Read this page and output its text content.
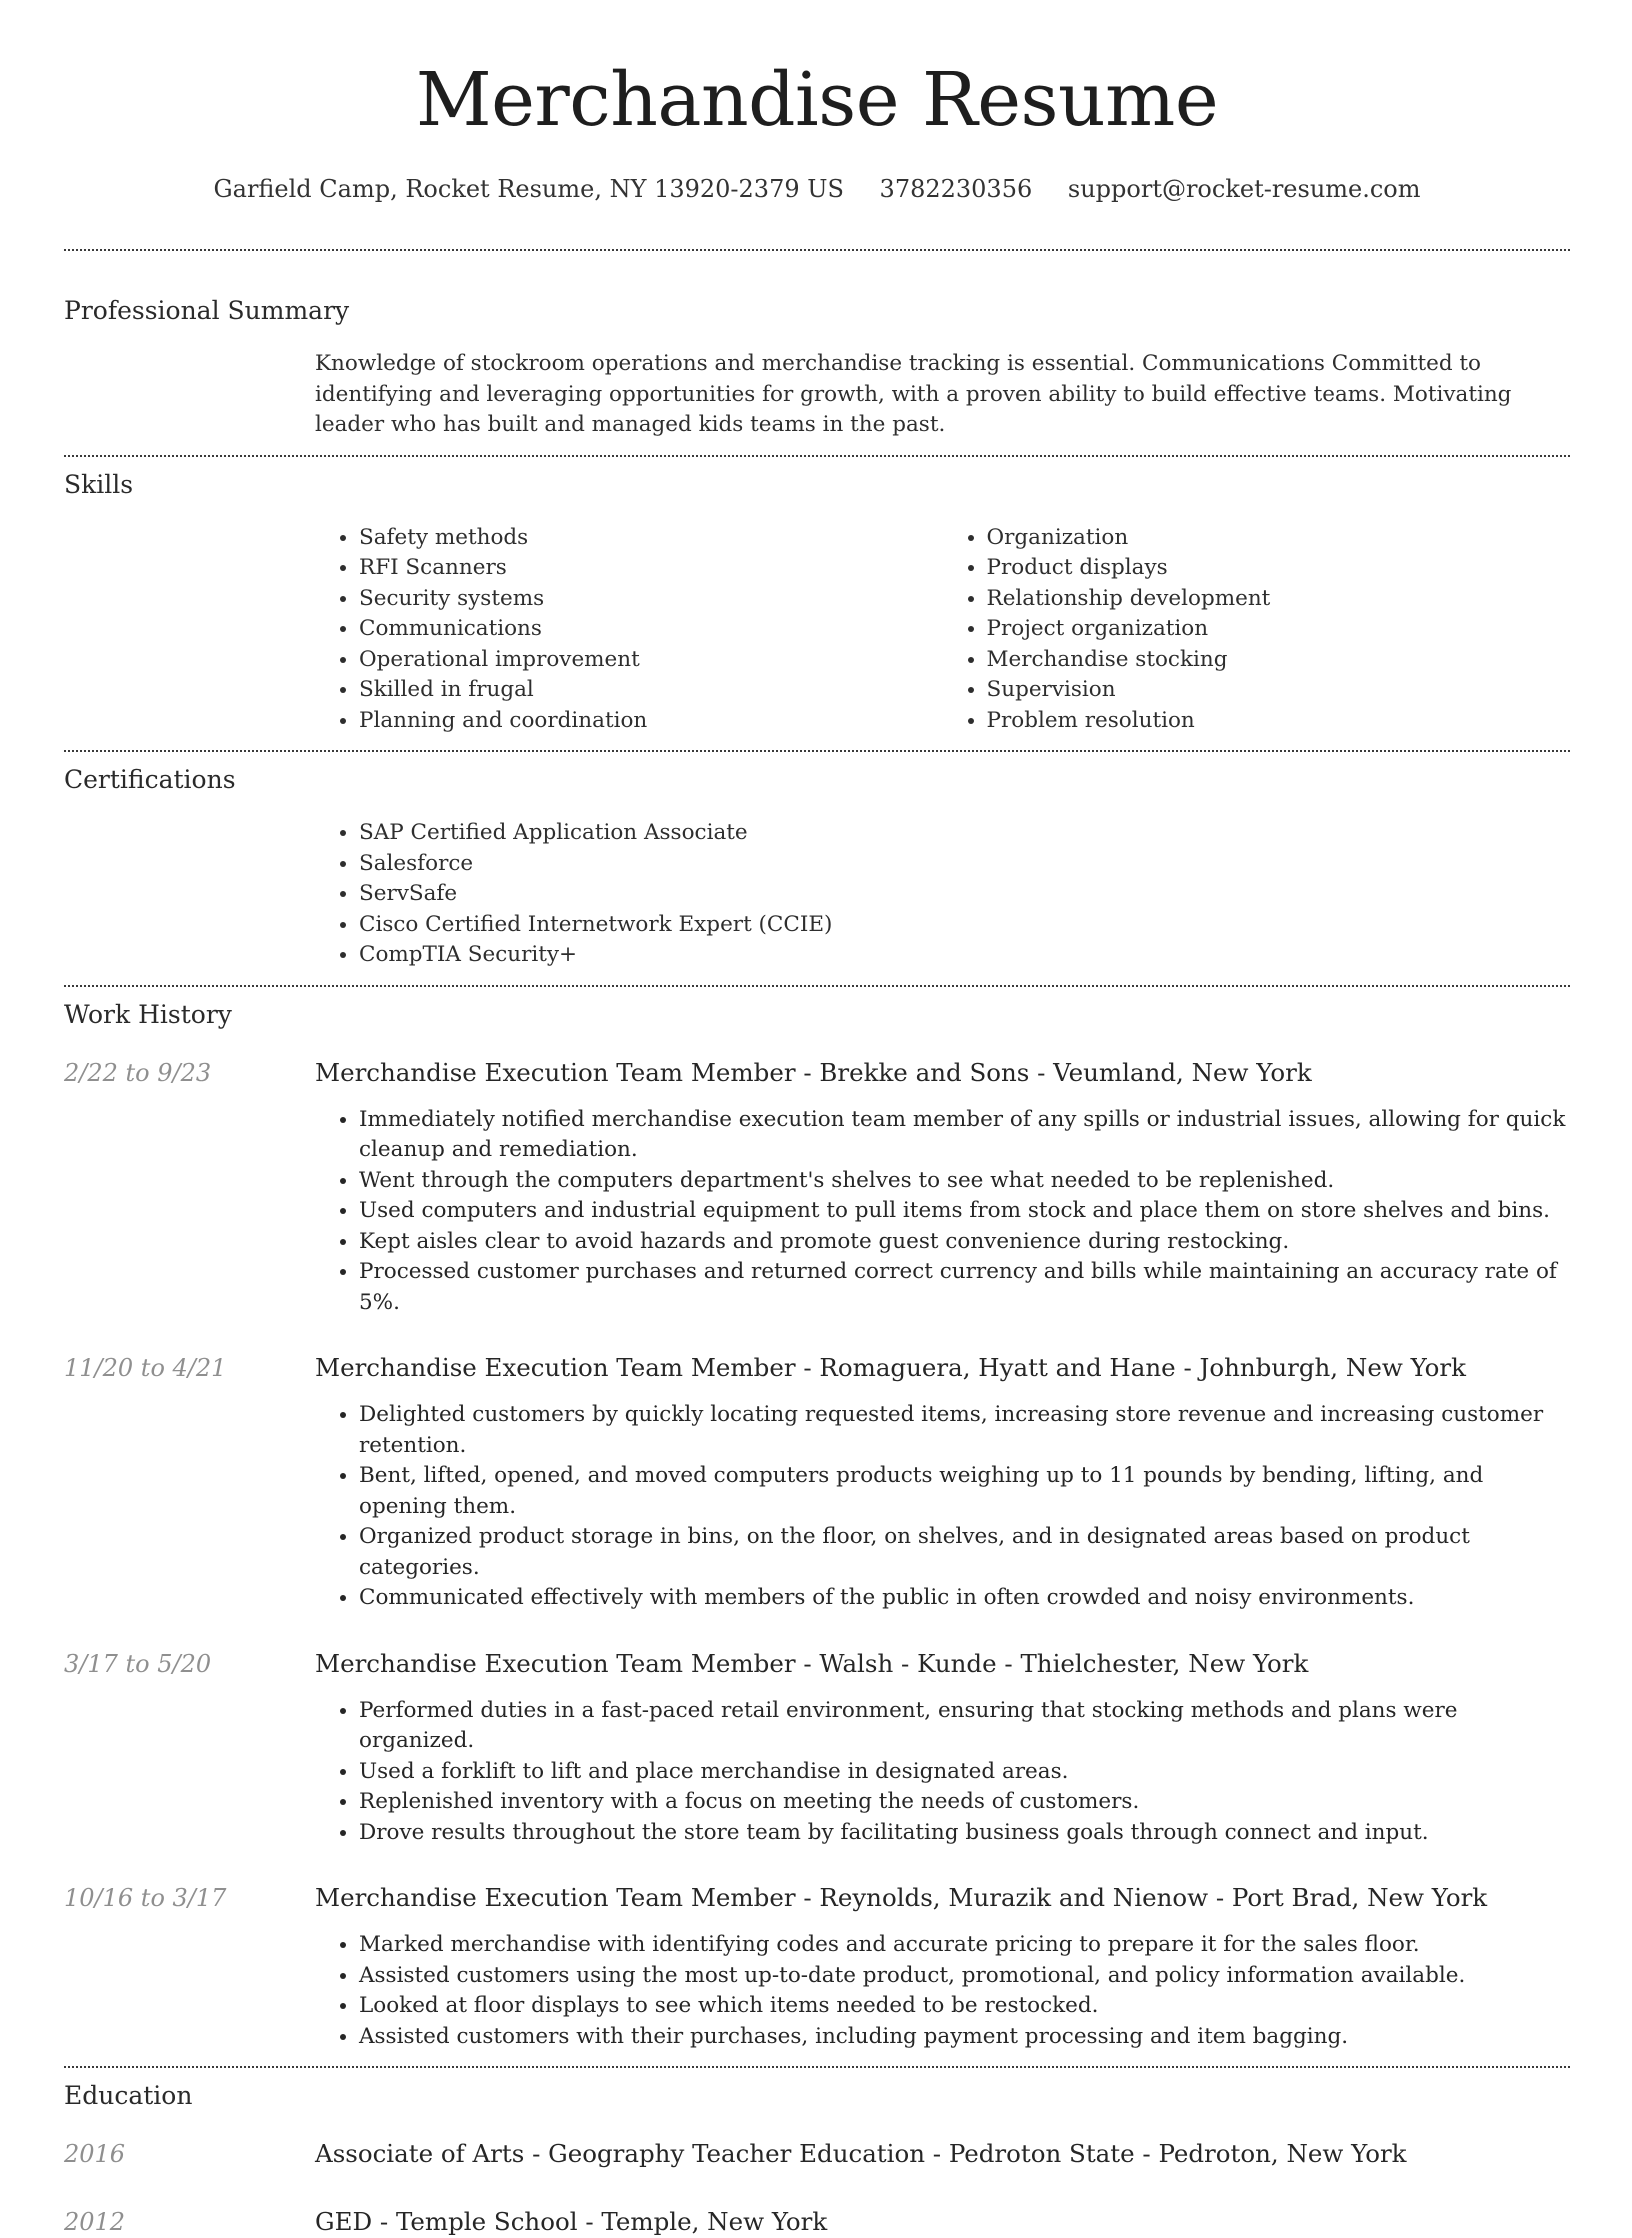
Merchandise Resume
Garfield Camp, Rocket Resume, NY 13920-2379 US 3782230356 support@rocket-resume.com
Professional Summary

Knowledge of stockroom operations and merchandise tracking is essential. Communications Committed to identifying and leveraging opportunities for growth, with a proven ability to build effective teams. Motivating leader who has built and managed kids teams in the past.

Skills
• Safety methods
• RFI Scanners
• Security systems
• Communications
• Operational improvement
• Skilled in frugal
• Planning and coordination
• Organization
• Product displays
• Relationship development
• Project organization
• Merchandise stocking
• Supervision
• Problem resolution
Certifications
• SAP Certified Application Associate
• Salesforce
• ServSafe
• Cisco Certified Internetwork Expert (CCIE)
• CompTIA Security+
Work History
2/22 to 9/23	Merchandise Execution Team Member - Brekke and Sons - Veumland, New York
• Immediately notified merchandise execution team member of any spills or industrial issues, allowing for quick cleanup and remediation.
• Went through the computers department's shelves to see what needed to be replenished.
• Used computers and industrial equipment to pull items from stock and place them on store shelves and bins.
• Kept aisles clear to avoid hazards and promote guest convenience during restocking.
• Processed customer purchases and returned correct currency and bills while maintaining an accuracy rate of 5%.
11/20 to 4/21	Merchandise Execution Team Member - Romaguera, Hyatt and Hane - Johnburgh, New York
• Delighted customers by quickly locating requested items, increasing store revenue and increasing customer retention.
• Bent, lifted, opened, and moved computers products weighing up to 11 pounds by bending, lifting, and opening them.
• Organized product storage in bins, on the floor, on shelves, and in designated areas based on product categories.
• Communicated effectively with members of the public in often crowded and noisy environments.
3/17 to 5/20	Merchandise Execution Team Member - Walsh - Kunde - Thielchester, New York
• Performed duties in a fast-paced retail environment, ensuring that stocking methods and plans were organized.
• Used a forklift to lift and place merchandise in designated areas.
• Replenished inventory with a focus on meeting the needs of customers.
• Drove results throughout the store team by facilitating business goals through connect and input.
10/16 to 3/17	Merchandise Execution Team Member - Reynolds, Murazik and Nienow - Port Brad, New York
• Marked merchandise with identifying codes and accurate pricing to prepare it for the sales floor.
• Assisted customers using the most up-to-date product, promotional, and policy information available.
• Looked at floor displays to see which items needed to be restocked.
• Assisted customers with their purchases, including payment processing and item bagging.
Education
2016	Associate of Arts - Geography Teacher Education - Pedroton State - Pedroton, New York
2012	GED - Temple School - Temple, New York
